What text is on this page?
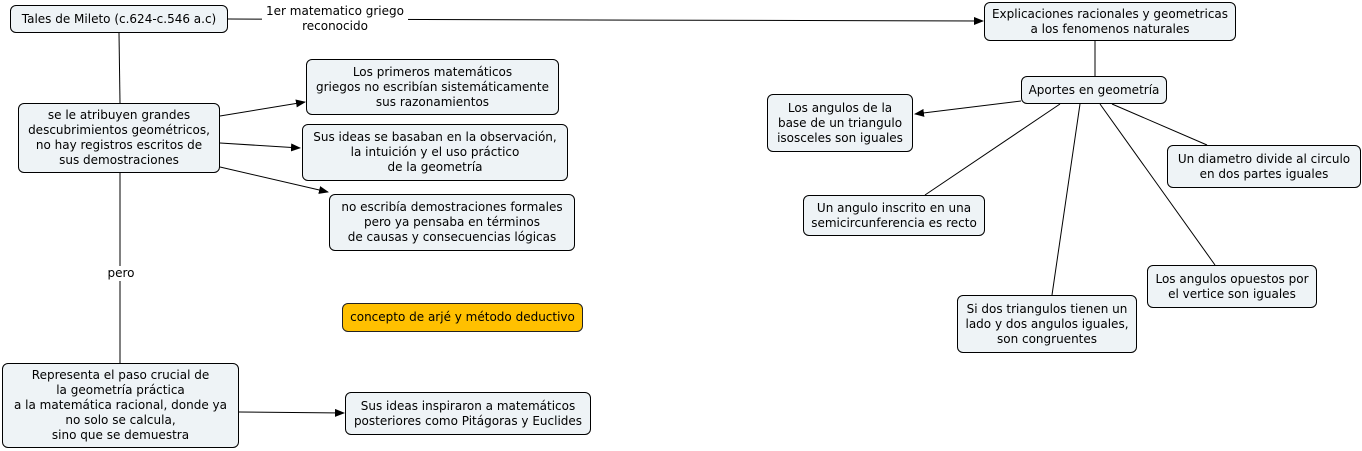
1er matematico griego
reconocido
pero
Tales de Mileto (c.624-c.546 a.c)	Explicaciones racionales y geometricas
a los fenomenos naturales
se le atribuyen grandes
descubrimientos geométricos,
no hay registros escritos de
sus demostraciones
Los primeros matemáticos
griegos no escribían sistemáticamente
sus razonamientos
Sus ideas se basaban en la observación,
la intuición y el uso práctico
de la geometría
no escribía demostraciones formales
pero ya pensaba en términos
de causas y consecuencias lógicas
concepto de arjé y método deductivo
Representa el paso crucial de
la geometría práctica
a la matemática racional, donde ya
no solo se calcula,
sino que se demuestra
Sus ideas inspiraron a matemáticos
posteriores como Pitágoras y Euclides
Aportes en geometría
Los angulos de la
base de un triangulo
isosceles son iguales
Un diametro divide al circulo
en dos partes iguales
Un angulo inscrito en una
semicircunferencia es recto
Los angulos opuestos por
el vertice son iguales
Si dos triangulos tienen un
lado y dos angulos iguales,
son congruentes
